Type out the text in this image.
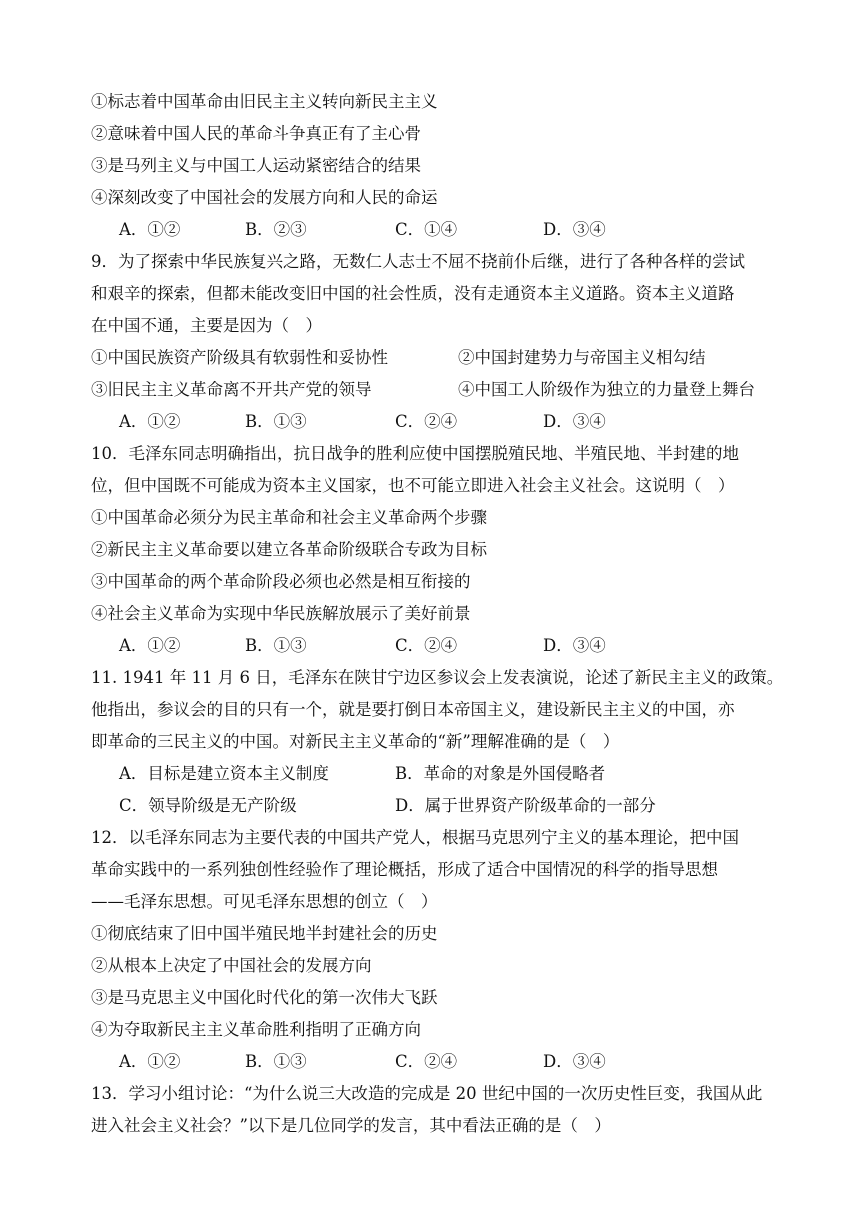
①标志着中国革命由旧民主主义转向新民主主义
②意味着中国人民的革命斗争真正有了主心骨
③是马列主义与中国工人运动紧密结合的结果
④深刻改变了中国社会的发展方向和人民的命运
A．①②	B．②③	C．①④	D．③④
9．为了探索中华民族复兴之路，无数仁人志士不屈不挠前仆后继，进行了各种各样的尝试
和艰辛的探索，但都未能改变旧中国的社会性质，没有走通资本主义道路。资本主义道路
在中国不通，主要是因为（　）
①中国民族资产阶级具有软弱性和妥协性	②中国封建势力与帝国主义相勾结
③旧民主主义革命离不开共产党的领导	④中国工人阶级作为独立的力量登上舞台
A．①②	B．①③	C．②④	D．③④
10．毛泽东同志明确指出，抗日战争的胜利应使中国摆脱殖民地、半殖民地、半封建的地
位，但中国既不可能成为资本主义国家，也不可能立即进入社会主义社会。这说明（　）
①中国革命必须分为民主革命和社会主义革命两个步骤
②新民主主义革命要以建立各革命阶级联合专政为目标
③中国革命的两个革命阶段必须也必然是相互衔接的
④社会主义革命为实现中华民族解放展示了美好前景
A．①②	B．①③	C．②④	D．③④
11. 1941 年 11 月 6 日，毛泽东在陕甘宁边区参议会上发表演说，论述了新民主主义的政策。
他指出，参议会的目的只有一个，就是要打倒日本帝国主义，建设新民主主义的中国，亦
即革命的三民主义的中国。对新民主主义革命的“新”理解准确的是（　）
A．目标是建立资本主义制度	B．革命的对象是外国侵略者
C．领导阶级是无产阶级	D．属于世界资产阶级革命的一部分
12．以毛泽东同志为主要代表的中国共产党人，根据马克思列宁主义的基本理论，把中国
革命实践中的一系列独创性经验作了理论概括，形成了适合中国情况的科学的指导思想
——毛泽东思想。可见毛泽东思想的创立（　）
①彻底结束了旧中国半殖民地半封建社会的历史
②从根本上决定了中国社会的发展方向
③是马克思主义中国化时代化的第一次伟大飞跃
④为夺取新民主主义革命胜利指明了正确方向
A．①②	B．①③	C．②④	D．③④
13．学习小组讨论：“为什么说三大改造的完成是 20 世纪中国的一次历史性巨变，我国从此
进入社会主义社会？”以下是几位同学的发言，其中看法正确的是（　）
